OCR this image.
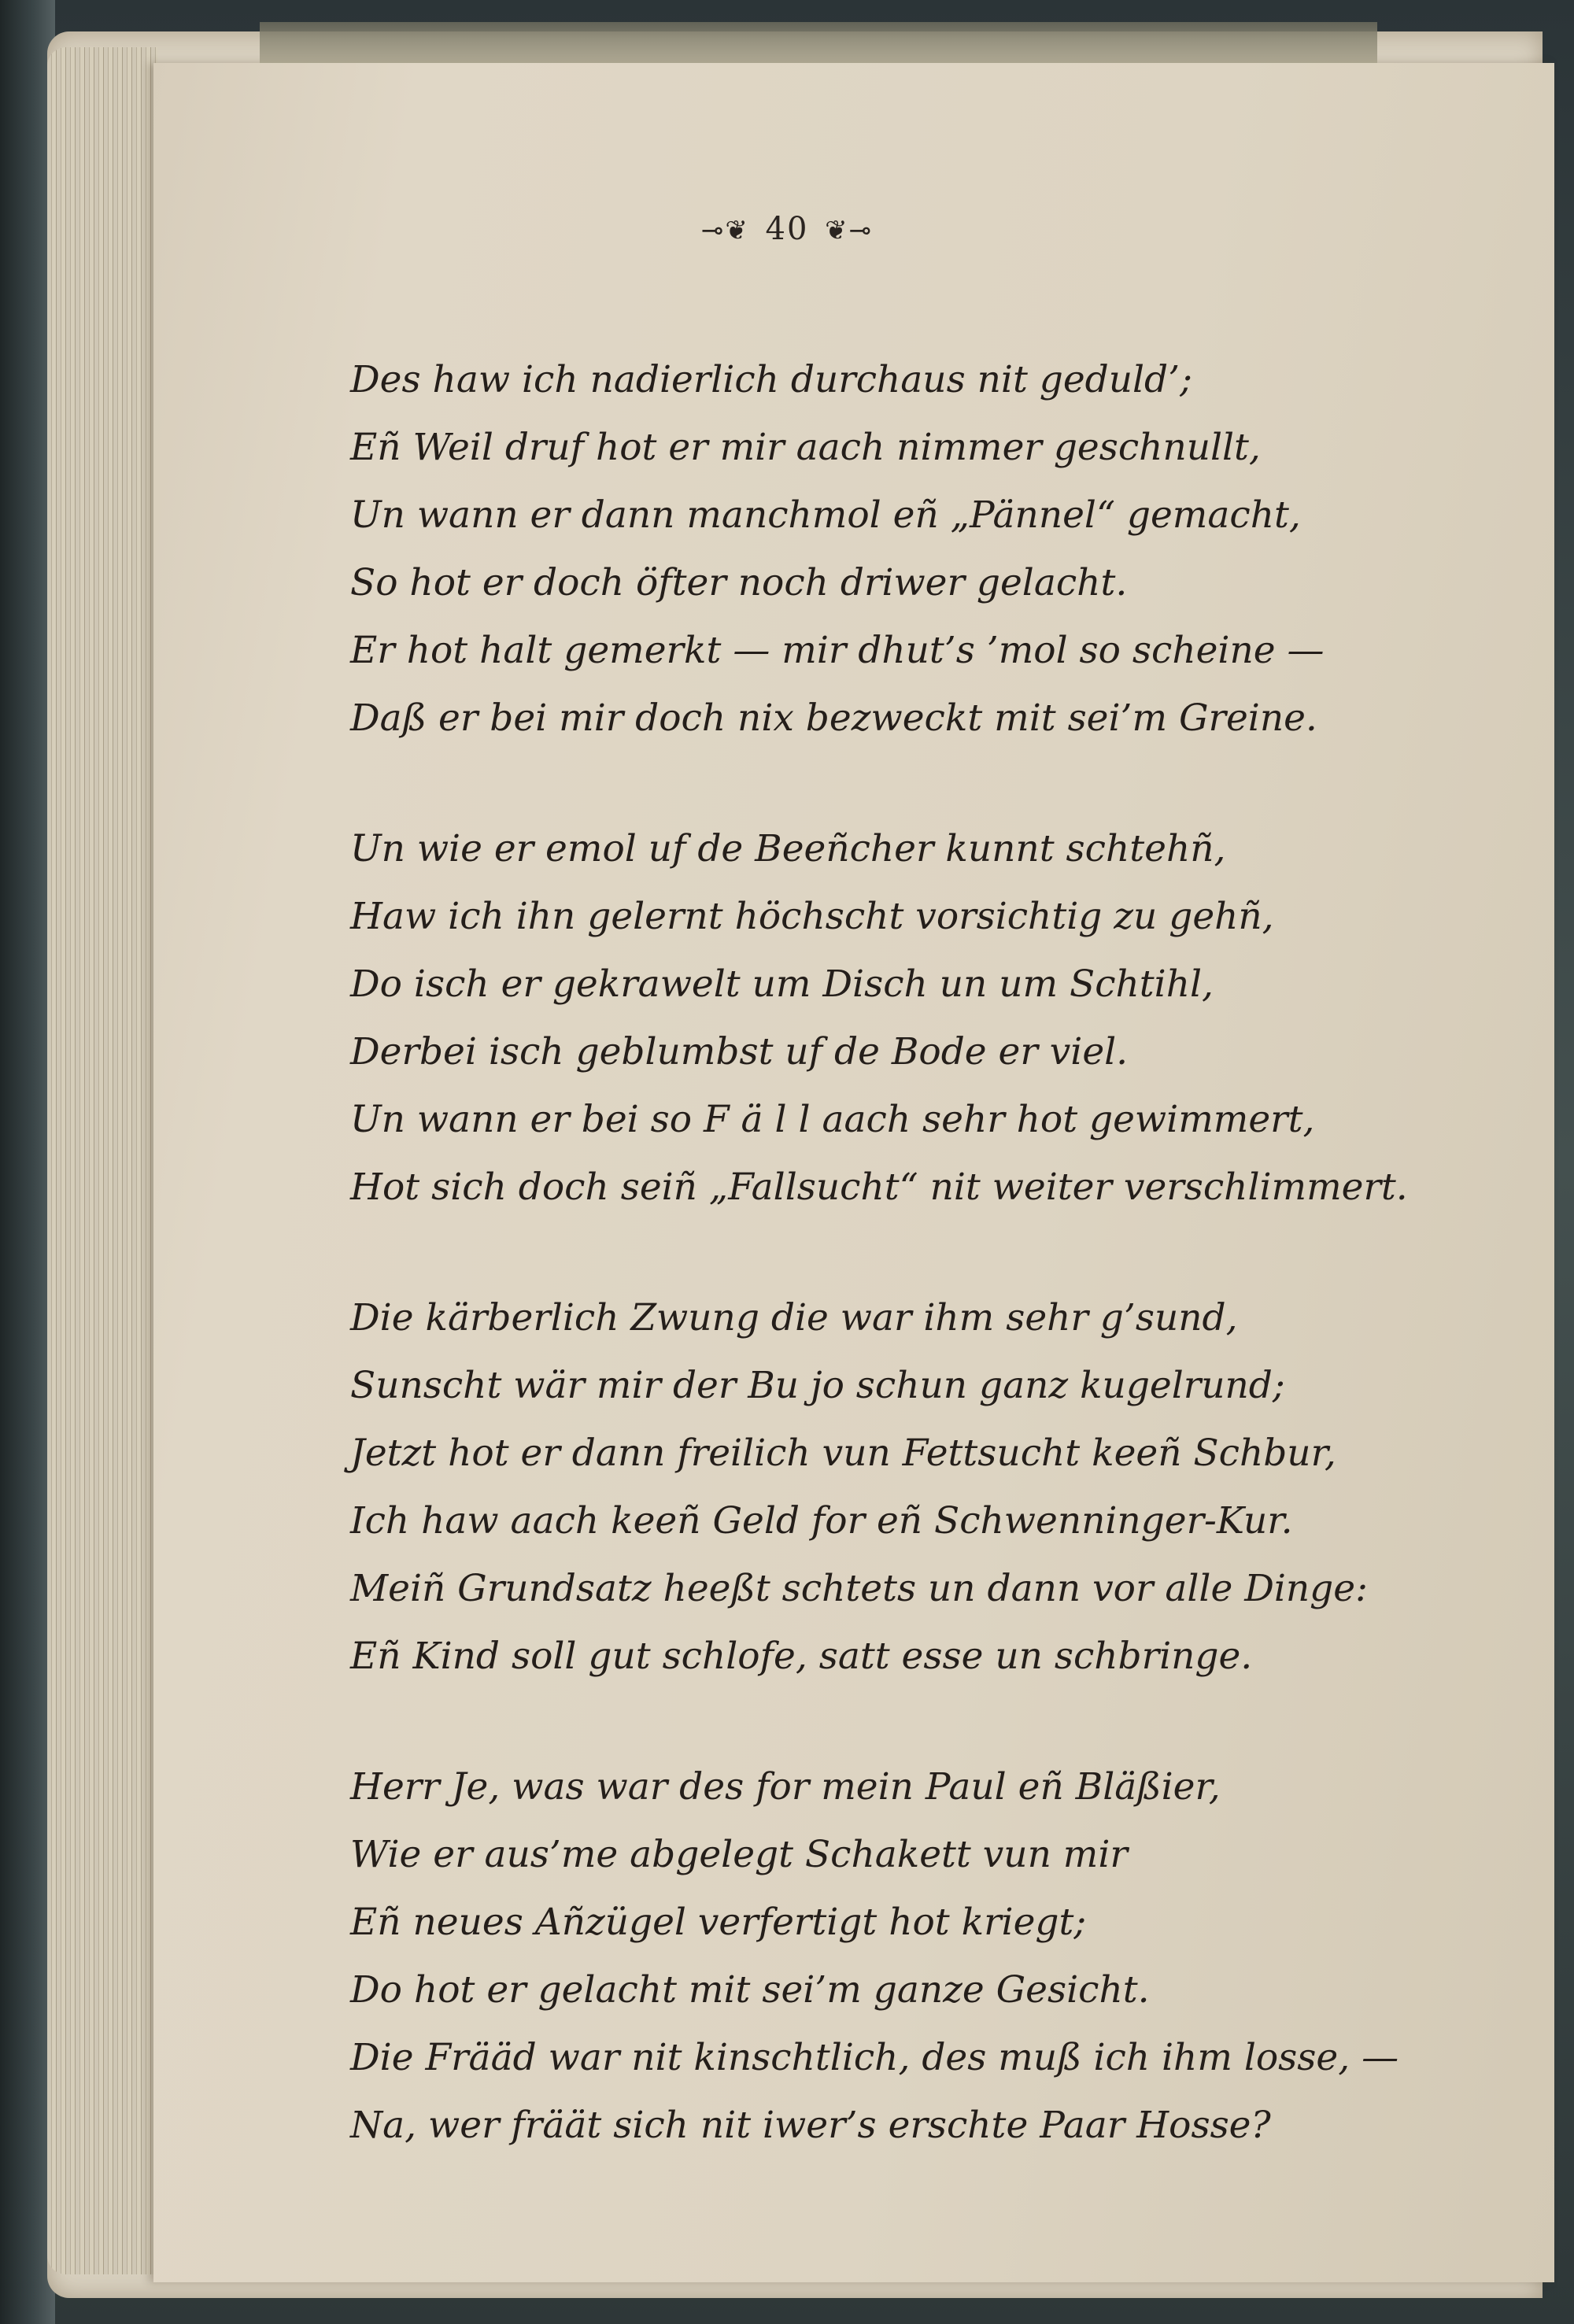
⊸❦ 40 ❦⊸
Des haw ich nadierlich durchaus nit geduld’;
Eñ Weil druf hot er mir aach nimmer geschnullt,
Un wann er dann manchmol eñ „Pännel“ gemacht,
So hot er doch öfter noch driwer gelacht.
Er hot halt gemerkt — mir dhut’s ’mol so scheine —
Daß er bei mir doch nix bezweckt mit sei’m Greine.
Un wie er emol uf de Beeñcher kunnt schtehñ,
Haw ich ihn gelernt höchscht vorsichtig zu gehñ,
Do isch er gekrawelt um Disch un um Schtihl,
Derbei isch geblumbst uf de Bode er viel.
Un wann er bei so F ä l l aach sehr hot gewimmert,
Hot sich doch seiñ „Fallsucht“ nit weiter verschlimmert.
Die kärberlich Zwung die war ihm sehr g’sund,
Sunscht wär mir der Bu jo schun ganz kugelrund;
Jetzt hot er dann freilich vun Fettsucht keeñ Schbur,
Ich haw aach keeñ Geld for eñ Schwenninger-Kur.
Meiñ Grundsatz heeßt schtets un dann vor alle Dinge:
Eñ Kind soll gut schlofe, satt esse un schbringe.
Herr Je, was war des for mein Paul eñ Bläßier,
Wie er aus’me abgelegt Schakett vun mir
Eñ neues Añzügel verfertigt hot kriegt;
Do hot er gelacht mit sei’m ganze Gesicht.
Die Frääd war nit kinschtlich, des muß ich ihm losse, —
Na, wer fräät sich nit iwer’s erschte Paar Hosse?
